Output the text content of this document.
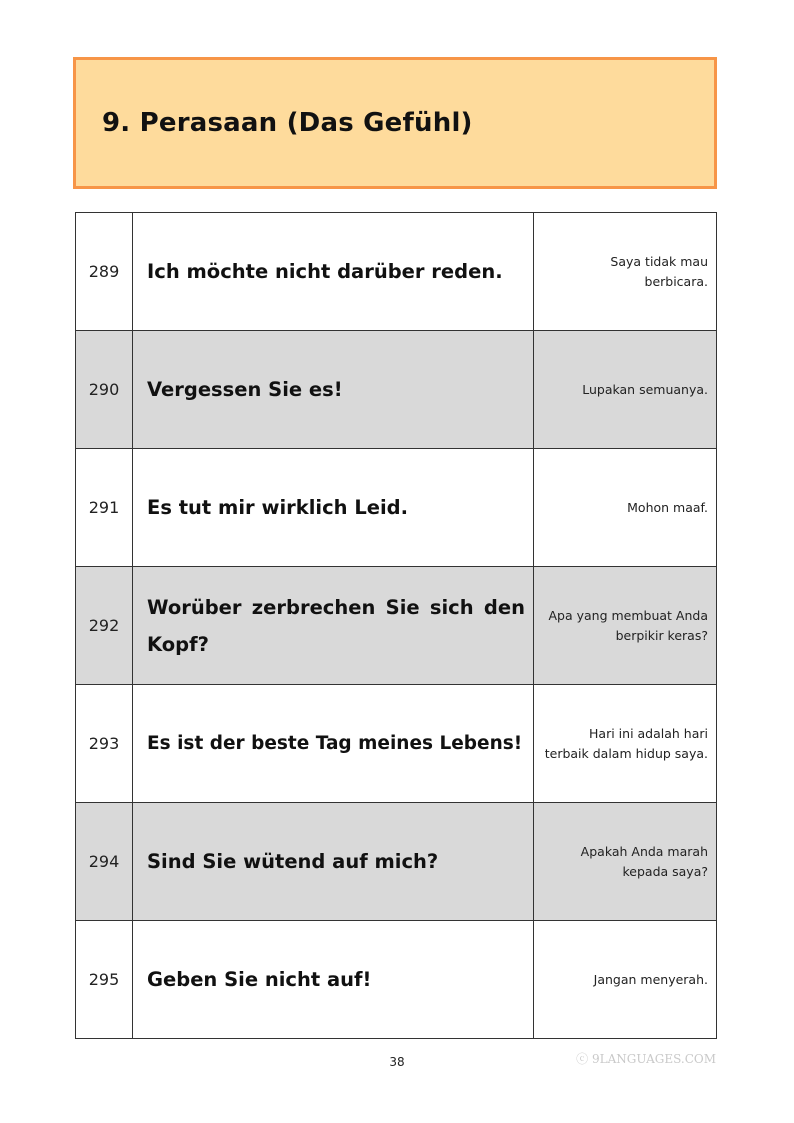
9. Perasaan (Das Gefühl)
289	Ich möchte nicht darüber reden.	Saya tidak mau berbicara.
290	Vergessen Sie es!	Lupakan semuanya.
291	Es tut mir wirklich Leid.	Mohon maaf.
292	Worüber zerbrechen Sie sich den Kopf?	Apa yang membuat Anda berpikir keras?
293	Es ist der beste Tag meines Lebens!	Hari ini adalah hari terbaik dalam hidup saya.
294	Sind Sie wütend auf mich?	Apakah Anda marah kepada saya?
295	Geben Sie nicht auf!	Jangan menyerah.
ⓒ 9LANGUAGES.COM
38
